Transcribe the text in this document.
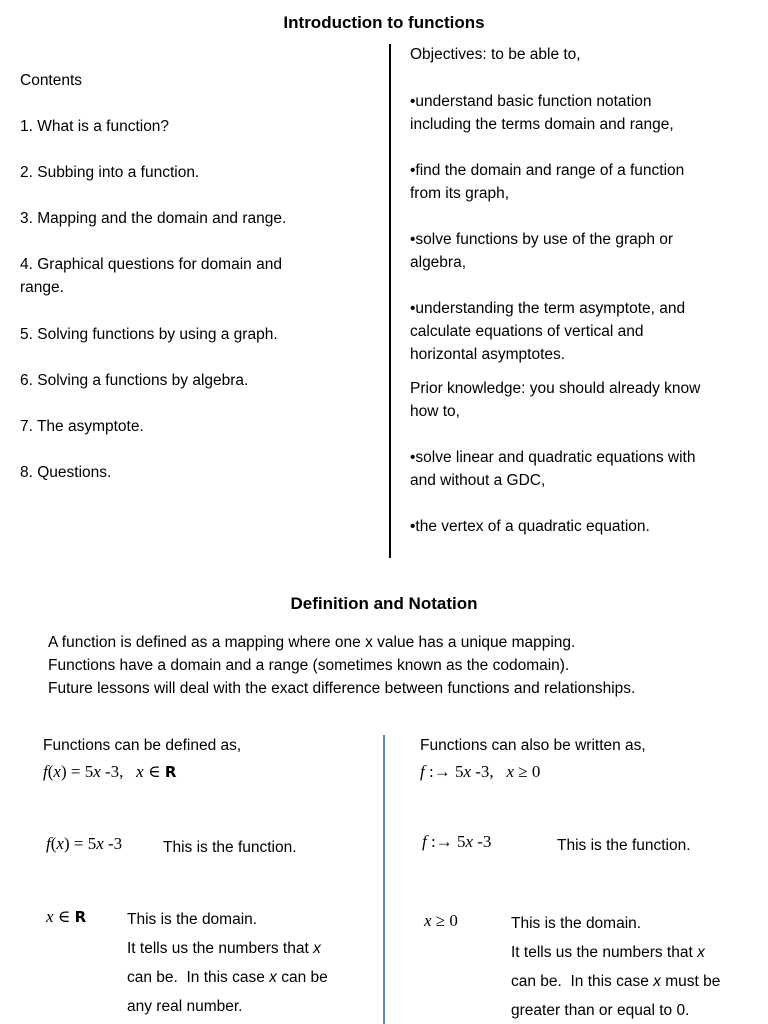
Introduction to functions
Contents
1. What is a function?
2. Subbing into a function.
3. Mapping and the domain and range.
4. Graphical questions for domain and
range.
5. Solving functions by using a graph.
6. Solving a functions by algebra.
7. The asymptote.
8. Questions.
Objectives: to be able to,
•understand basic function notation
including the terms domain and range,
•find the domain and range of a function
from its graph,
•solve functions by use of the graph or
algebra,
•understanding the term asymptote, and
calculate equations of vertical and
horizontal asymptotes.
Prior knowledge: you should already know
how to,
•solve linear and quadratic equations with
and without a GDC,
•the vertex of a quadratic equation.
Definition and Notation
A function is defined as a mapping where one x value has a unique mapping.
Functions have a domain and a range (sometimes known as the codomain).
Future lessons will deal with the exact difference between functions and relationships.
Functions can be defined as,
f(x) = 5x -3,   x ∈ R
f(x) = 5x -3	This is the function.
x ∈ R	This is the domain.
It tells us the numbers that x
can be.  In this case x can be
any real number.
Functions can also be written as,
f :→ 5x -3,   x ≥ 0
f :→ 5x -3	This is the function.
x ≥ 0	This is the domain.
It tells us the numbers that x
can be.  In this case x must be
greater than or equal to 0.
